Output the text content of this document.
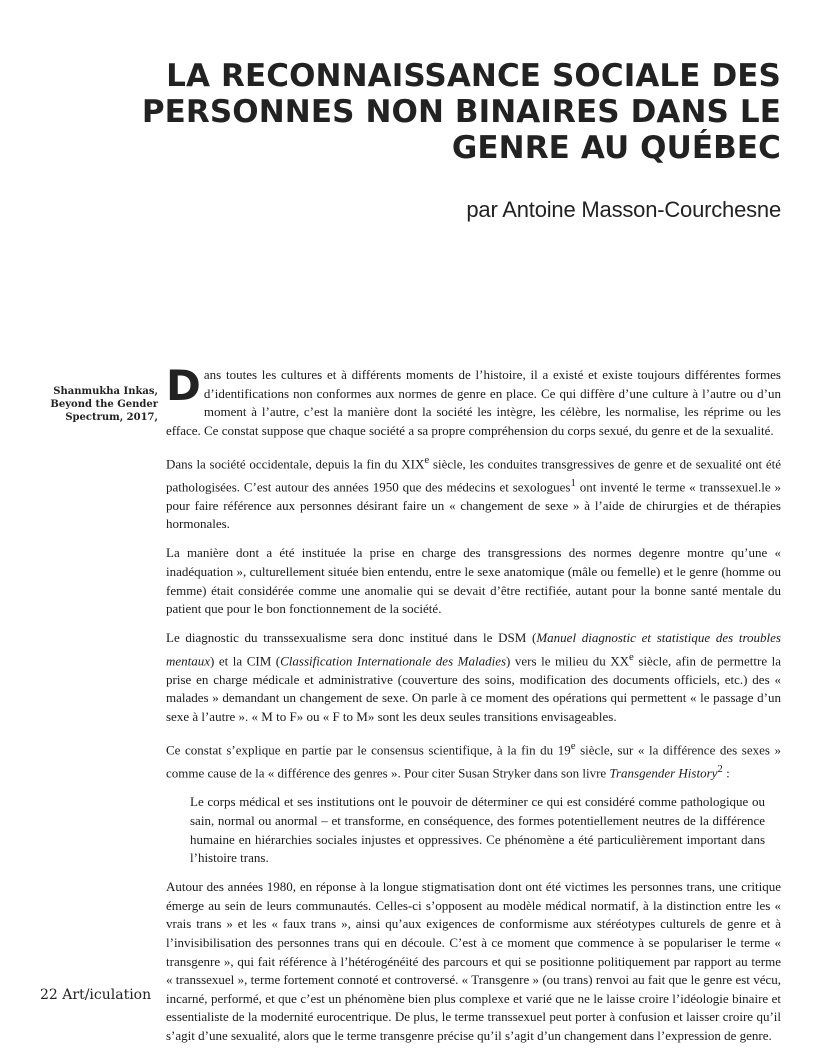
LA RECONNAISSANCE SOCIALE DES
PERSONNES NON BINAIRES DANS LE
GENRE AU QUÉBEC
par Antoine Masson-Courchesne
Shanmukha Inkas,
Beyond the Gender
Spectrum, 2017,

Dans toutes les cultures et à différents moments de l’histoire, il a existé et existe toujours différentes formes d’identifications non conformes aux normes de genre en place. Ce qui diffère d’une culture à l’autre ou d’un moment à l’autre, c’est la manière dont la société les intègre, les célèbre, les normalise, les réprime ou les efface. Ce constat suppose que chaque société a sa propre compréhension du corps sexué, du genre et de la sexualité.

Dans la société occidentale, depuis la fin du XIXe siècle, les conduites transgressives de genre et de sexualité ont été pathologisées. C’est autour des années 1950 que des médecins et sexologues$^1$ ont inventé le terme « transsexuel.le » pour faire référence aux personnes désirant faire un « changement de sexe » à l’aide de chirurgies et de thérapies hormonales.

La manière dont a été instituée la prise en charge des transgressions des normes degenre montre qu’une « inadéquation », culturellement située bien entendu, entre le sexe anatomique (mâle ou femelle) et le genre (homme ou femme) était considérée comme une anomalie qui se devait d’être rectifiée, autant pour la bonne santé mentale du patient que pour le bon fonctionnement de la société.

Le diagnostic du transsexualisme sera donc institué dans le DSM (Manuel diagnostic et statistique des troubles mentaux) et la CIM (Classification Internationale des Maladies) vers le milieu du XXe siècle, afin de permettre la prise en charge médicale et administrative (couverture des soins, modification des documents officiels, etc.) des « malades » demandant un changement de sexe. On parle à ce moment des opérations qui permettent « le passage d’un sexe à l’autre ». « M to F» ou « F to M» sont les deux seules transitions envisageables.

Ce constat s’explique en partie par le consensus scientifique, à la fin du 19e siècle, sur « la différence des sexes » comme cause de la « différence des genres ». Pour citer Susan Stryker dans son livre Transgender History$^2$ :

Le corps médical et ses institutions ont le pouvoir de déterminer ce qui est considéré comme pathologique ou sain, normal ou anormal – et transforme, en conséquence, des formes potentiellement neutres de la différence humaine en hiérarchies sociales injustes et oppressives. Ce phénomène a été particulièrement important dans l’histoire trans.

Autour des années 1980, en réponse à la longue stigmatisation dont ont été victimes les personnes trans, une critique émerge au sein de leurs communautés. Celles-ci s’opposent au modèle médical normatif, à la distinction entre les « vrais trans » et les « faux trans », ainsi qu’aux exigences de conformisme aux stéréotypes culturels de genre et à l’invisibilisation des personnes trans qui en découle. C’est à ce moment que commence à se populariser le terme « transgenre », qui fait référence à l’hétérogénéité des parcours et qui se positionne politiquement par rapport au terme « transsexuel », terme fortement connoté et controversé. « Transgenre » (ou trans) renvoi au fait que le genre est vécu, incarné, performé, et que c’est un phénomène bien plus complexe et varié que ne le laisse croire l’idéologie binaire et essentialiste de la modernité eurocentrique. De plus, le terme transsexuel peut porter à confusion et laisser croire qu’il s’agit d’une sexualité, alors que le terme transgenre précise qu’il s’agit d’un changement dans l’expression de genre.

22 Art/iculation
